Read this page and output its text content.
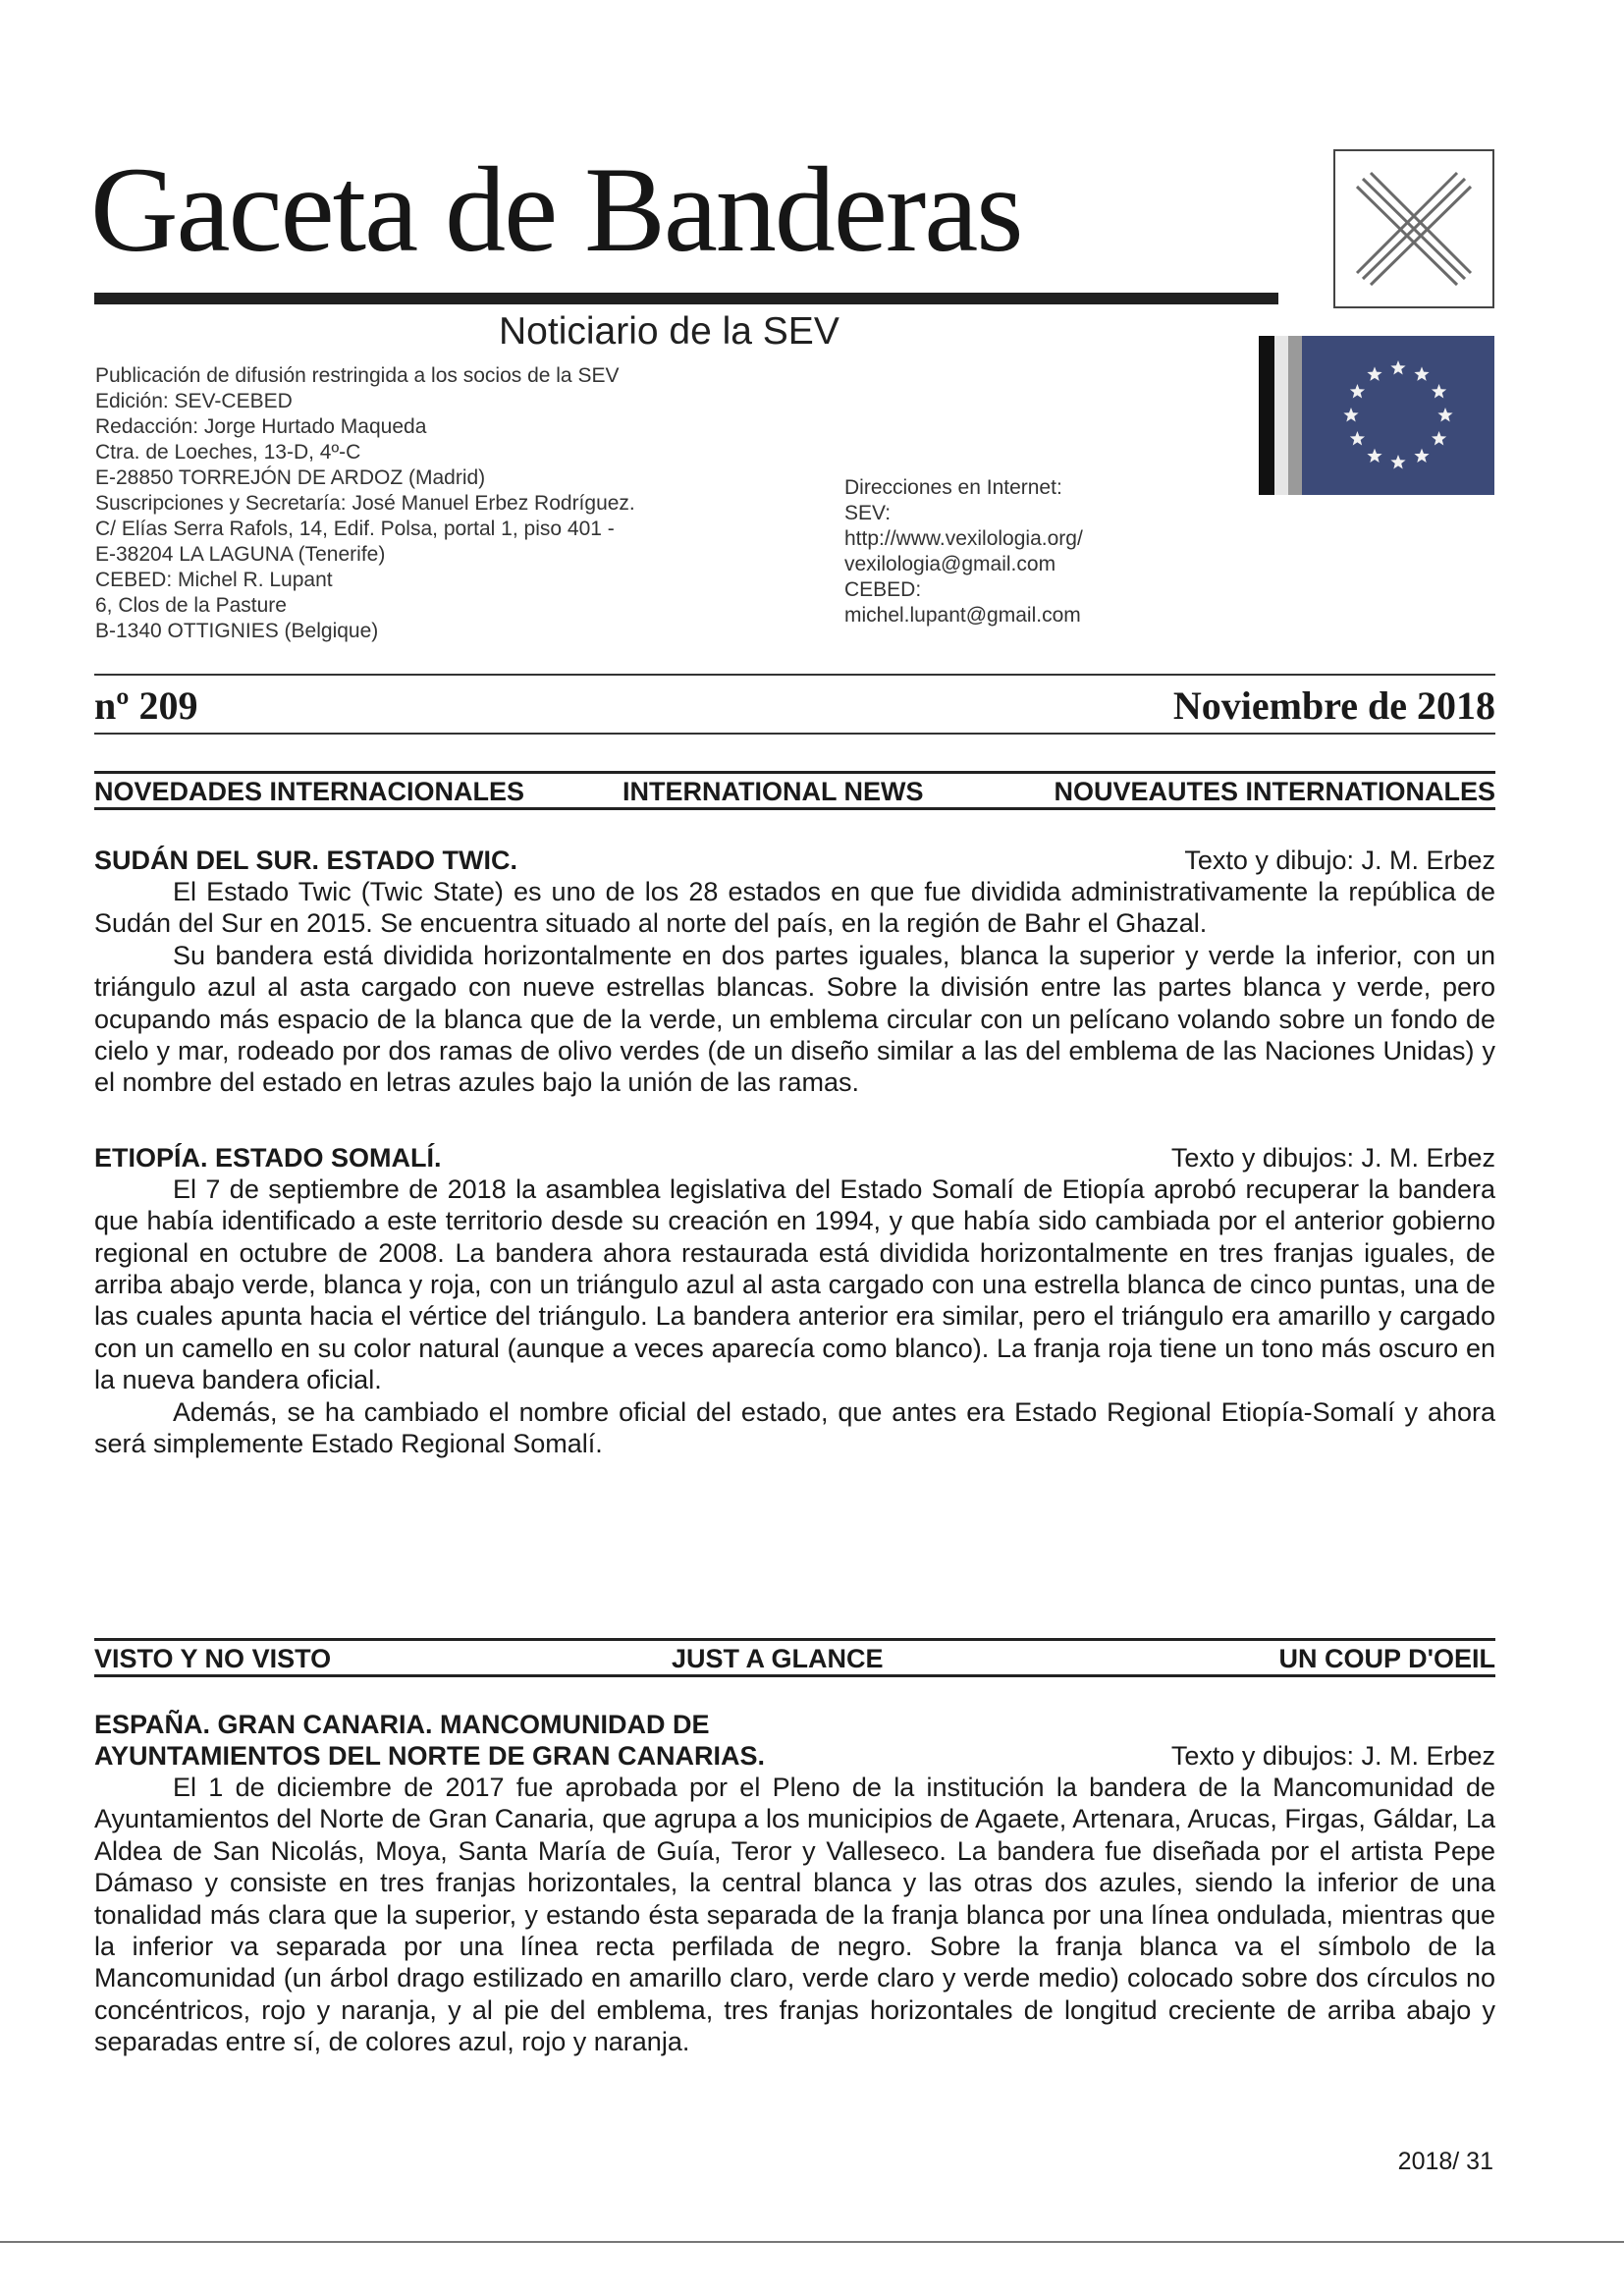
Gaceta de Banderas
Noticiario de la SEV
Publicación de difusión restringida a los socios de la SEV
Edición: SEV-CEBED
Redacción: Jorge Hurtado Maqueda
Ctra. de Loeches, 13-D, 4º-C
E-28850 TORREJÓN DE ARDOZ (Madrid)
Suscripciones y Secretaría: José Manuel Erbez Rodríguez.
C/ Elías Serra Rafols, 14, Edif. Polsa, portal 1, piso 401 -
E-38204 LA LAGUNA (Tenerife)
CEBED: Michel R. Lupant
6, Clos de la Pasture
B-1340 OTTIGNIES (Belgique)
Direcciones en Internet:
SEV:
http://www.vexilologia.org/
vexilologia@gmail.com
CEBED:
michel.lupant@gmail.com
nº 209	Noviembre de 2018
NOVEDADES INTERNACIONALES	INTERNATIONAL NEWS	NOUVEAUTES INTERNATIONALES
SUDÁN DEL SUR. ESTADO TWIC.	Texto y dibujo: J. M. Erbez

El Estado Twic (Twic State) es uno de los 28 estados en que fue dividida administrativamente la república de Sudán del Sur en 2015. Se encuentra situado al norte del país, en la región de Bahr el Ghazal.

Su bandera está dividida horizontalmente en dos partes iguales, blanca la superior y verde la inferior, con un triángulo azul al asta cargado con nueve estrellas blancas. Sobre la división entre las partes blanca y verde, pero ocupando más espacio de la blanca que de la verde, un emblema circular con un pelícano volando sobre un fondo de cielo y mar, rodeado por dos ramas de olivo verdes (de un diseño similar a las del emblema de las Naciones Unidas) y el nombre del estado en letras azules bajo la unión de las ramas.

ETIOPÍA. ESTADO SOMALÍ.	Texto y dibujos: J. M. Erbez

El 7 de septiembre de 2018 la asamblea legislativa del Estado Somalí de Etiopía aprobó recuperar la bandera que había identificado a este territorio desde su creación en 1994, y que había sido cambiada por el anterior gobierno regional en octubre de 2008. La bandera ahora restaurada está dividida horizontalmente en tres franjas iguales, de arriba abajo verde, blanca y roja, con un triángulo azul al asta cargado con una estrella blanca de cinco puntas, una de las cuales apunta hacia el vértice del triángulo. La bandera anterior era similar, pero el triángulo era amarillo y cargado con un camello en su color natural (aunque a veces aparecía como blanco). La franja roja tiene un tono más oscuro en la nueva bandera oficial.

Además, se ha cambiado el nombre oficial del estado, que antes era Estado Regional Etiopía-Somalí y ahora será simplemente Estado Regional Somalí.

VISTO Y NO VISTO	JUST A GLANCE	UN COUP D'OEIL
ESPAÑA. GRAN CANARIA. MANCOMUNIDAD DE
AYUNTAMIENTOS DEL NORTE DE GRAN CANARIAS.	Texto y dibujos: J. M. Erbez

El 1 de diciembre de 2017 fue aprobada por el Pleno de la institución la bandera de la Mancomunidad de Ayuntamientos del Norte de Gran Canaria, que agrupa a los municipios de Agaete, Artenara, Arucas, Firgas, Gáldar, La Aldea de San Nicolás, Moya, Santa María de Guía, Teror y Valleseco. La bandera fue diseñada por el artista Pepe Dámaso y consiste en tres franjas horizontales, la central blanca y las otras dos azules, siendo la inferior de una tonalidad más clara que la superior, y estando ésta separada de la franja blanca por una línea ondulada, mientras que la inferior va separada por una línea recta perfilada de negro. Sobre la franja blanca va el símbolo de la Mancomunidad (un árbol drago estilizado en amarillo claro, verde claro y verde medio) colocado sobre dos círculos no concéntricos, rojo y naranja, y al pie del emblema, tres franjas horizontales de longitud creciente de arriba abajo y separadas entre sí, de colores azul, rojo y naranja.

2018/ 31
